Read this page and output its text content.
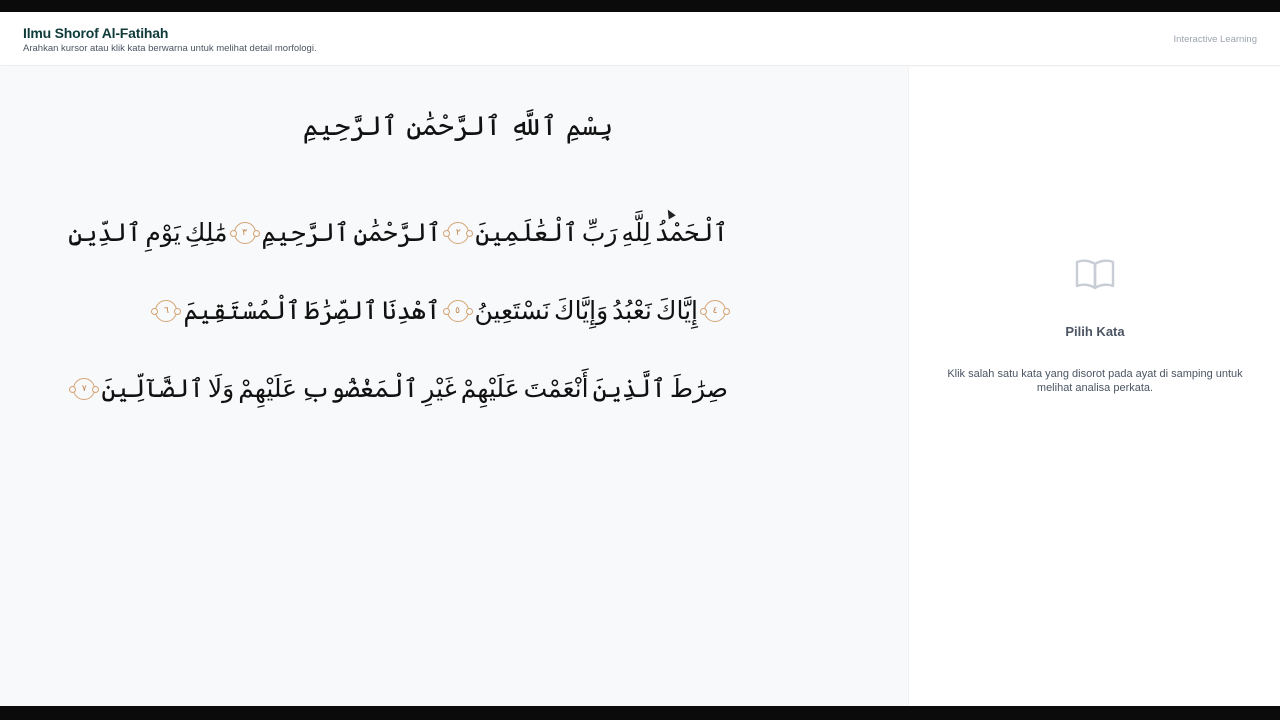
Ilmu Shorof Al-Fatihah
Arahkan kursor atau klik kata berwarna untuk melihat detail morfologi.
Interactive Learning
بِسْمِ ٱللَّهِ ٱلرَّحْمَٰنِ ٱلرَّحِيمِ
ٱلْحَمْدُ
لِلَّهِ
رَبِّ
ٱلْعَٰلَمِينَ
٢
ٱلرَّحْمَٰنِ
ٱلرَّحِيمِ
٣
مَٰلِكِ
يَوْمِ
ٱلدِّينِ
٤
إِيَّاكَ
نَعْبُدُ
وَإِيَّاكَ
نَسْتَعِينُ
٥
ٱهْدِنَا
ٱلصِّرَٰطَ
ٱلْمُسْتَقِيمَ
٦
صِرَٰطَ
ٱلَّذِينَ
أَنْعَمْتَ
عَلَيْهِمْ
غَيْرِ
ٱلْمَغْضُوبِ
عَلَيْهِمْ
وَلَا
ٱلضَّآلِّينَ
٧
Pilih Kata
Klik salah satu kata yang disorot pada ayat di samping untuk melihat analisa perkata.
